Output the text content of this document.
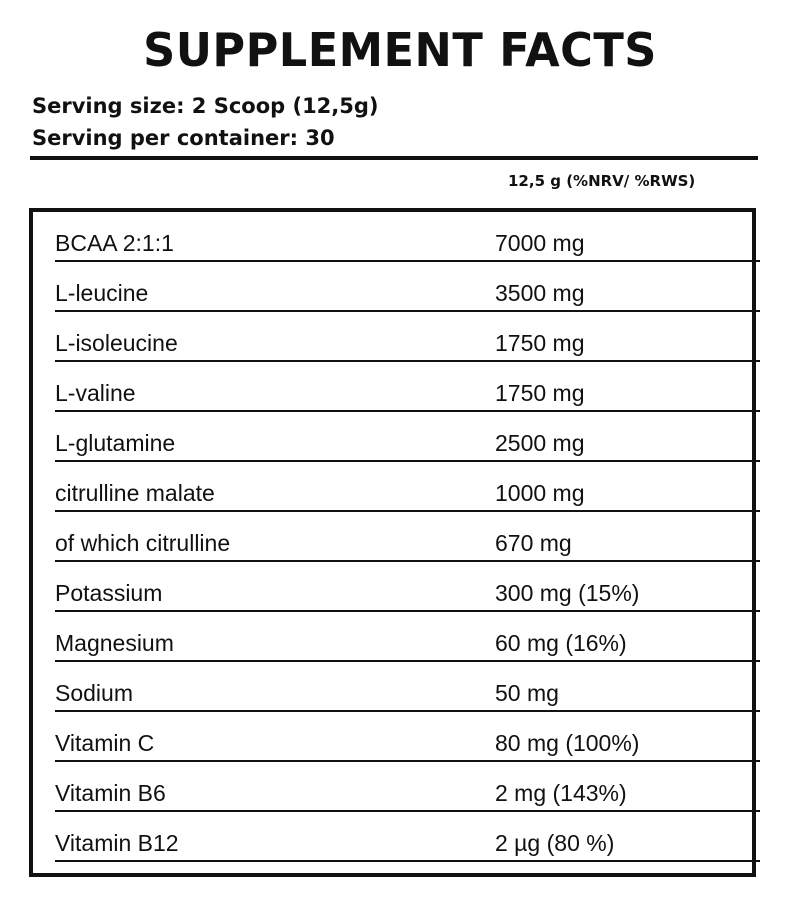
SUPPLEMENT FACTS

Serving size: 2 Scoop (12,5g)

Serving per container: 30

12,5 g (%NRV/ %RWS)
BCAA 2:1:1	7000 mg
L-leucine	3500 mg
L-isoleucine	1750 mg
L-valine	1750 mg
L-glutamine	2500 mg
citrulline malate	1000 mg
of which citrulline	670 mg
Potassium	300 mg (15%)
Magnesium	60 mg (16%)
Sodium	50 mg
Vitamin C	80 mg (100%)
Vitamin B6	2 mg (143%)
Vitamin B12	2 µg (80 %)
